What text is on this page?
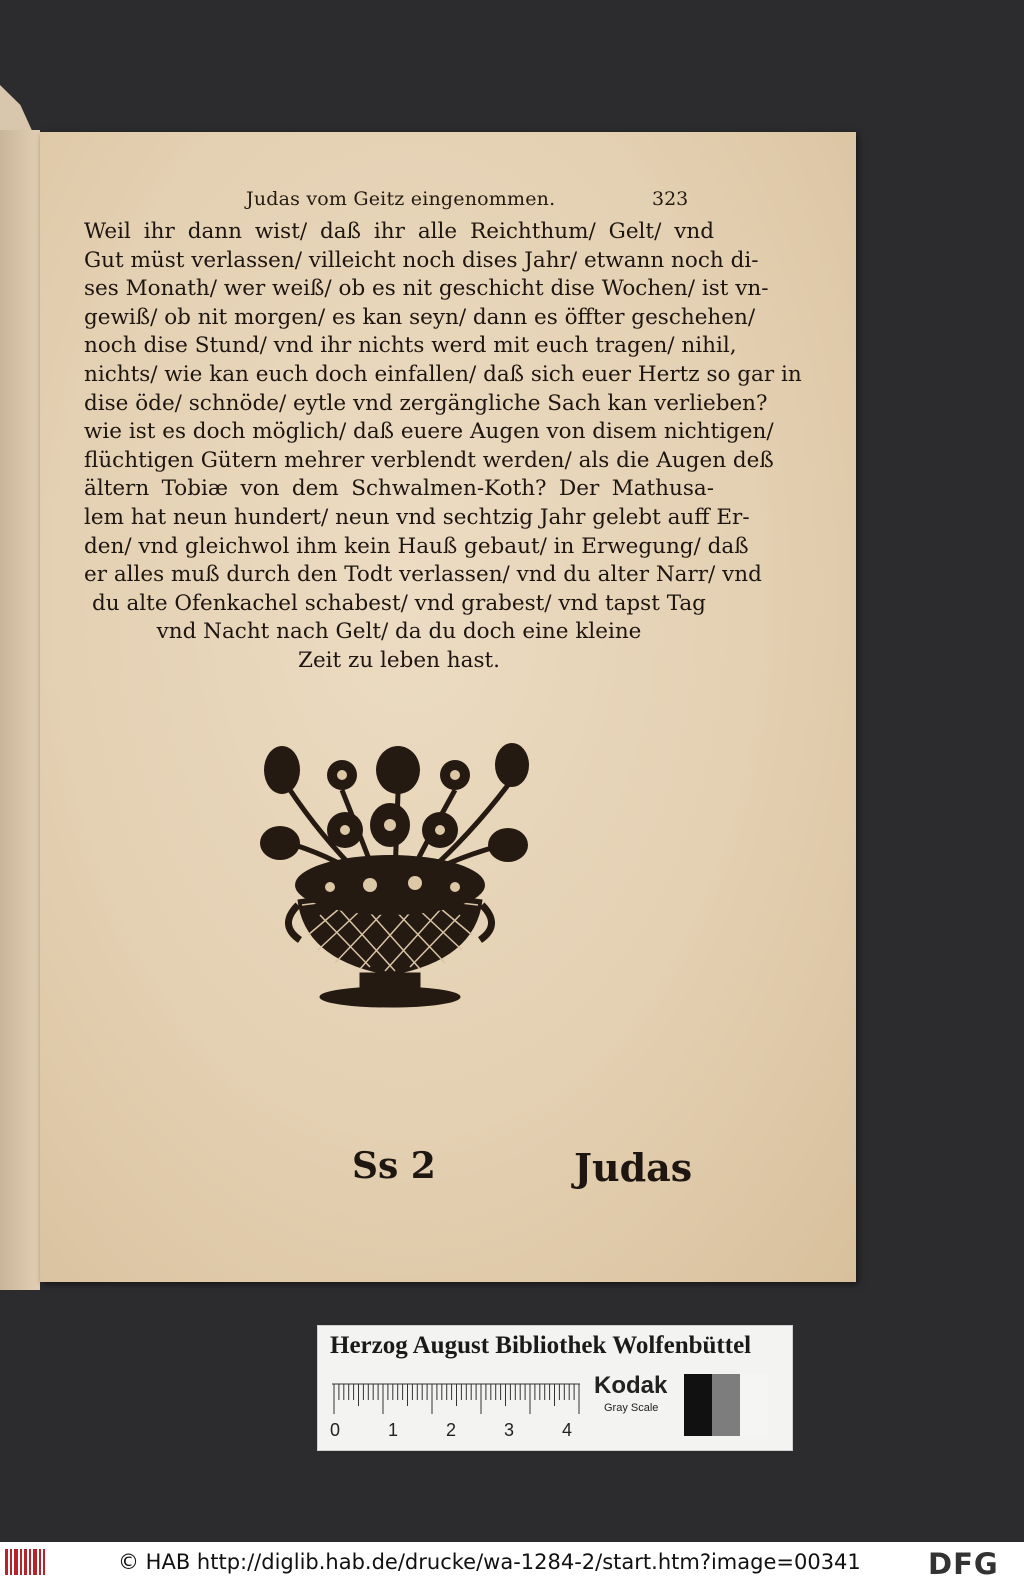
Judas vom Geitz eingenommen.	323
Weil ihr dann wist/ daß ihr alle Reichthum/ Gelt/ vnd
Gut müst verlassen/ villeicht noch dises Jahr/ etwann noch di-
ses Monath/ wer weiß/ ob es nit geschicht dise Wochen/ ist vn-
gewiß/ ob nit morgen/ es kan seyn/ dann es öffter geschehen/
noch dise Stund/ vnd ihr nichts werd mit euch tragen/ nihil,
nichts/ wie kan euch doch einfallen/ daß sich euer Hertz so gar in
dise öde/ schnöde/ eytle vnd zergängliche Sach kan verlieben?
wie ist es doch möglich/ daß euere Augen von disem nichtigen/
flüchtigen Gütern mehrer verblendt werden/ als die Augen deß
ältern Tobiæ von dem Schwalmen-Koth? Der Mathusa-
lem hat neun hundert/ neun vnd sechtzig Jahr gelebt auff Er-
den/ vnd gleichwol ihm kein Hauß gebaut/ in Erwegung/ daß
er alles muß durch den Todt verlassen/ vnd du alter Narr/ vnd
du alte Ofenkachel schabest/ vnd grabest/ vnd tapst Tag
vnd Nacht nach Gelt/ da du doch eine kleine
Zeit zu leben hast.
Ss 2	Judas
Herzog August Bibliothek Wolfenbüttel
0	1	2	3	4
Kodak
Gray Scale
© HAB http://diglib.hab.de/drucke/wa-1284-2/start.htm?image=00341 DFG
